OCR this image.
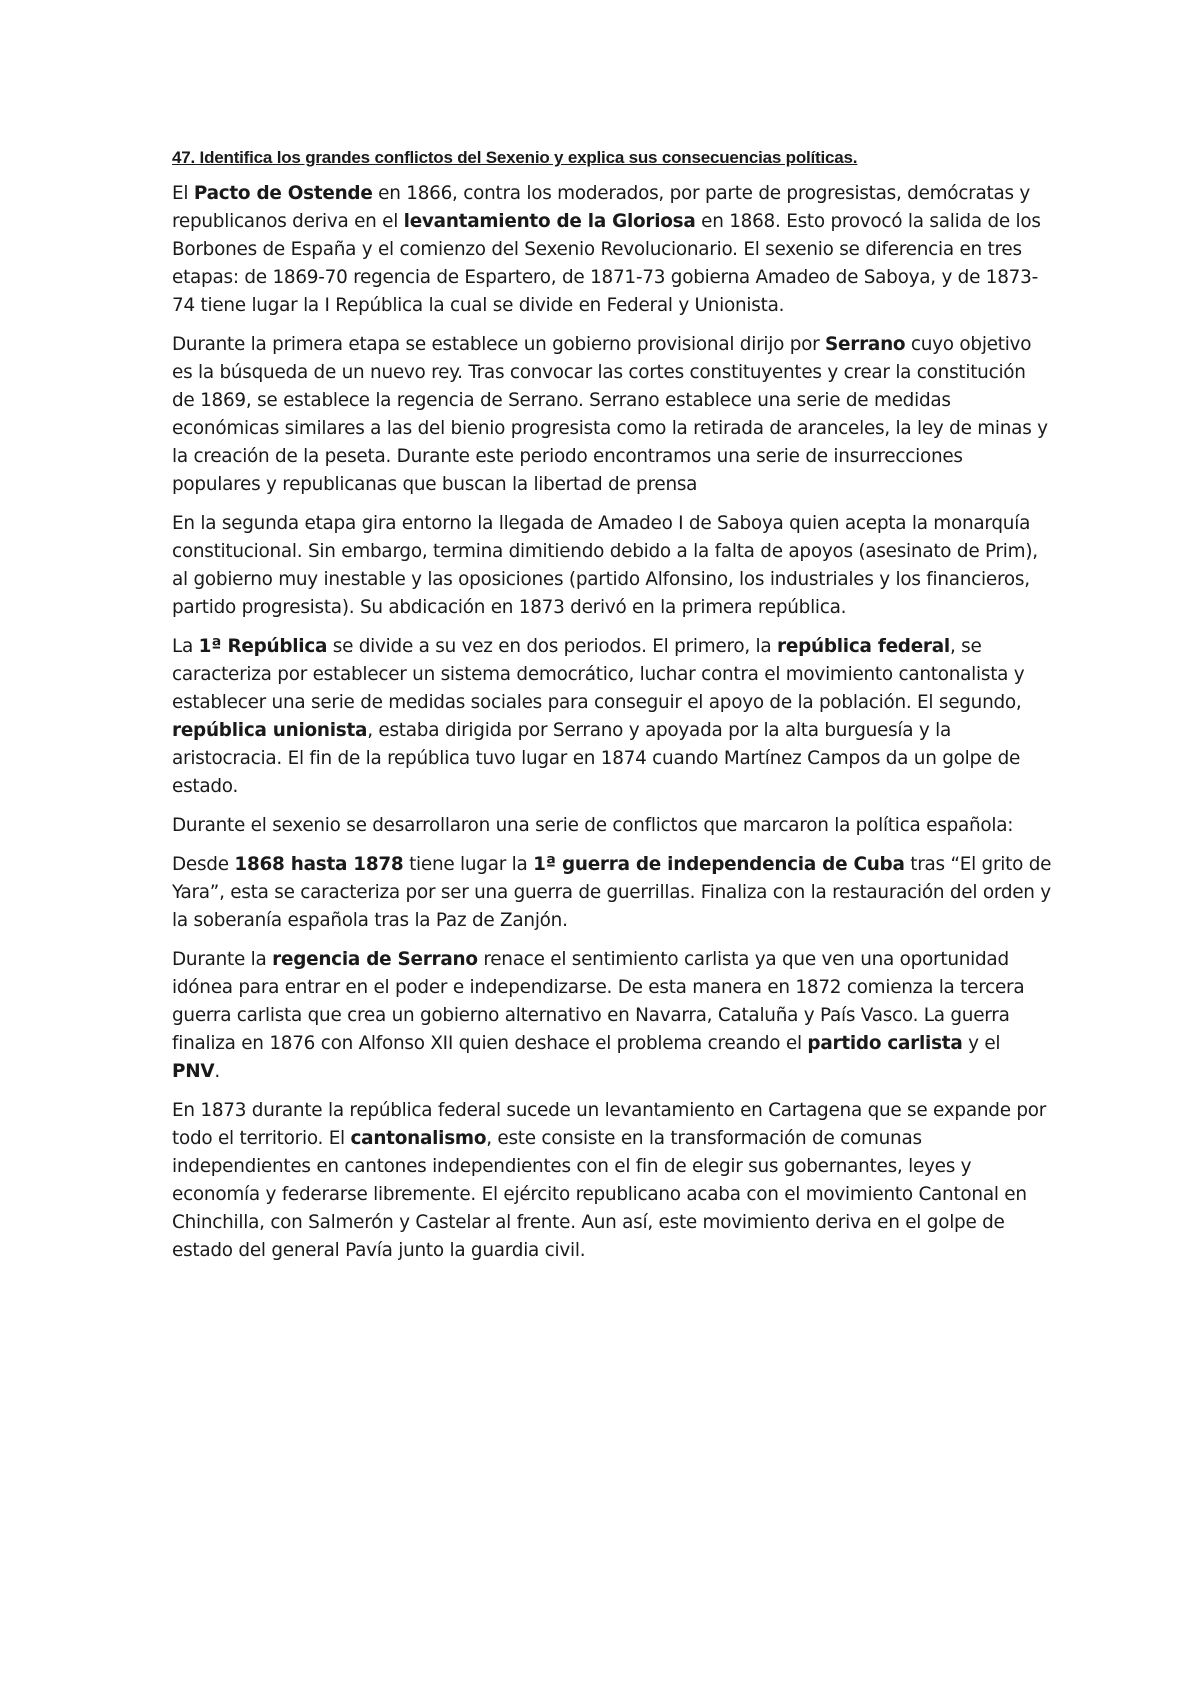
47. Identifica los grandes conflictos del Sexenio y explica sus consecuencias políticas.

El Pacto de Ostende en 1866, contra los moderados, por parte de progresistas, demócratas y republicanos deriva en el levantamiento de la Gloriosa en 1868. Esto provocó la salida de los Borbones de España y el comienzo del Sexenio Revolucionario. El sexenio se diferencia en tres etapas: de 1869-70 regencia de Espartero, de 1871-73 gobierna Amadeo de Saboya, y de 1873-74 tiene lugar la I República la cual se divide en Federal y Unionista.

Durante la primera etapa se establece un gobierno provisional dirijo por Serrano cuyo objetivo es la búsqueda de un nuevo rey. Tras convocar las cortes constituyentes y crear la constitución de 1869, se establece la regencia de Serrano. Serrano establece una serie de medidas económicas similares a las del bienio progresista como la retirada de aranceles, la ley de minas y la creación de la peseta. Durante este periodo encontramos una serie de insurrecciones populares y republicanas que buscan la libertad de prensa

En la segunda etapa gira entorno la llegada de Amadeo I de Saboya quien acepta la monarquía constitucional. Sin embargo, termina dimitiendo debido a la falta de apoyos (asesinato de Prim), al gobierno muy inestable y las oposiciones (partido Alfonsino, los industriales y los financieros, partido progresista). Su abdicación en 1873 derivó en la primera república.

La 1ª República se divide a su vez en dos periodos. El primero, la república federal, se caracteriza por establecer un sistema democrático, luchar contra el movimiento cantonalista y establecer una serie de medidas sociales para conseguir el apoyo de la población. El segundo, república unionista, estaba dirigida por Serrano y apoyada por la alta burguesía y la aristocracia. El fin de la república tuvo lugar en 1874 cuando Martínez Campos da un golpe de estado.

Durante el sexenio se desarrollaron una serie de conflictos que marcaron la política española:

Desde 1868 hasta 1878 tiene lugar la 1ª guerra de independencia de Cuba tras “El grito de Yara”, esta se caracteriza por ser una guerra de guerrillas. Finaliza con la restauración del orden y la soberanía española tras la Paz de Zanjón.

Durante la regencia de Serrano renace el sentimiento carlista ya que ven una oportunidad idónea para entrar en el poder e independizarse. De esta manera en 1872 comienza la tercera guerra carlista que crea un gobierno alternativo en Navarra, Cataluña y País Vasco. La guerra finaliza en 1876 con Alfonso XII quien deshace el problema creando el partido carlista y el PNV.

En 1873 durante la república federal sucede un levantamiento en Cartagena que se expande por todo el territorio. El cantonalismo, este consiste en la transformación de comunas independientes en cantones independientes con el fin de elegir sus gobernantes, leyes y economía y federarse libremente. El ejército republicano acaba con el movimiento Cantonal en Chinchilla, con Salmerón y Castelar al frente. Aun así, este movimiento deriva en el golpe de estado del general Pavía junto la guardia civil.
